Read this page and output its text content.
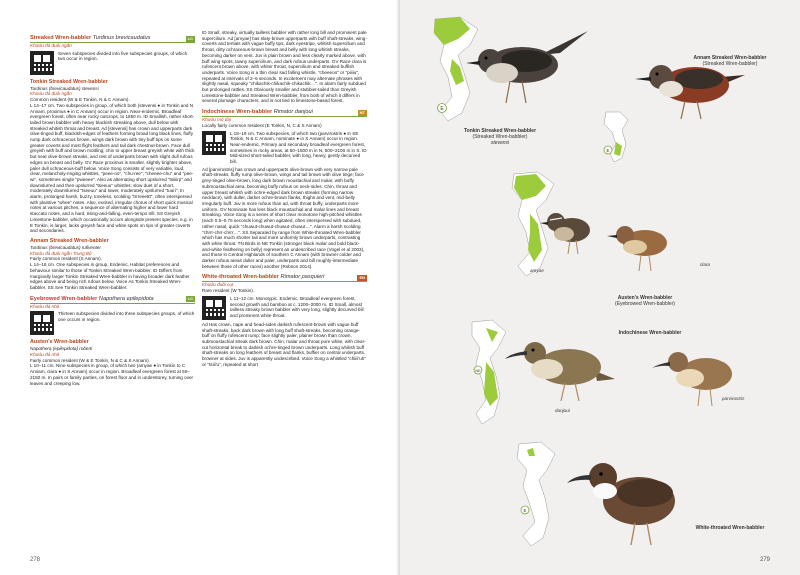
Streaked Wren-babbler Turdinus brevicaudatus	LC
Khướu đá đuôi ngắn
Seven subspecies divided into five subspecies groups, of which two occur in region.
Tonkin Streaked Wren-babbler
Turdinus (brevicaudatus) stevensi
Khướu đá đuôi ngắn
Common resident (W & E Tonkin, N & C Annam).
L 14–17 cm. Two subspecies in group, of which both (stevensi ● in Tonkin and N Annam, proximus ● in C Annam) occur in region. Near-endemic. Broadleaf evergreen forest, often near rocky outcrops, to 1850 m. ID Smallish, rather short-tailed brown babbler with heavy blackish streaking above, dull below with streaked whitish throat and breast. Ad [stevensi] has crown and upperparts dark olive-tinged buff, blackish-edges of feathers forming broad long black lines, fluffy rump dark ochraceous brown, wings dark brown with tiny buff tips on some greater coverts and most flight feathers and tail dark chestnut-brown. Face dull greyish with buff and brown mottling; chin to upper breast greyish white with thick but neat olive-brown streaks, and rest of underparts brown with slight dull rufous edges on breast and belly. GV Race proximus is smaller, slightly brighter above, paler dull ochraceous-buff below. Voice Song consists of very variable, loud, clear, melancholy-ringing whistles, "peee-oo", "chu-ree", "cheeee-chu" and "pee-wi", sometimes single "pweeee". Also as alternating short upslurred "tsiiiirp" and downslurred and then upslurred "tseeuu" whistles; slow duet of a short, moderately downslurred "tseeuu" and lower, moderately upslurred "tuuri". In alarm, prolonged harsh, buzzy, toneless, scolding "trrreeettt", often interspersed with plaintive "whee" notes. Also, excited, irregular chorus of short quick musical notes at various pitches, a sequence of alternating higher and lower hard staccato notes, and a hard, rising-and-falling, even-tempo trill. SS Greyish Limestone-babbler, which occasionally occurs alongside present species, e.g. in E Tonkin, is larger, lacks greyish face and white spots on tips of greater coverts and secondaries.
Annam Streaked Wren-babbler
Turdinus (brevicaudatus) rufiventer
Khướu đá đuôi ngắn Trung Bộ
Fairly common resident (S Annam).
L 14–16 cm. One subspecies in group. Endemic. Habitat preferences and behaviour similar to those of Tonkin Streaked Wren-babbler. ID Differs from marginally larger Tonkin Streaked Wren-babbler in having broader dark feather edges above and being rich rufous below. Voice As Tonkin Streaked Wren-babbler. SS See Tonkin Streaked Wren-babbler.
Eyebrowed Wren-babbler Napothera epilepidota	LC
Khướu đá nhỏ
Thirteen subspecies divided into three subspecies groups, of which one occurs in region.
Austen's Wren-babbler
Napothera (epilepidota) roberti
Khướu đá nhỏ
Fairly common resident (W & E Tonkin, N & C & S Annam).
L 10–11 cm. Nine subspecies in group, of which two (amyae ● in Tonkin to C Annam, clara ● in S Annam) occur in region. Broadleaf evergreen forest at 50–2150 m. In pairs or family parties, on forest floor and in understorey, turning over leaves and creeping low.
ID Small, streaky, virtually tailless babbler with rather long bill and prominent pale supercilium. Ad [amyae] has slaty-brown upperparts with buff shaft-streaks, wing-coverts and tertials with vague buffy tips, dark eyestripe, whitish supercilium and throat, dirty ochraceous-brown breast and belly with long whitish streaks, becoming darker on vent. Juv is plain brown and less clearly marked above, with buff wing spots, tawny supercilium, and dark rufous underparts. GV Race clara is rufescent brown above, with whiter throat, supercilium and streaked buffish underparts. Voice Song is a thin clear sad falling whistle, "cheeeoo" or "piiiiu", repeated at intervals of 2–5 seconds. In excitement may alternate phrases with slightly nasal, squeaky "chikachik-chikachik-chikachik…". In alarm fairly subdued but prolonged rattles. SS Obviously smaller and stubbier-tailed than Greyish Limestone-babbler and Streaked Wren-babbler, from both of which it differs in several plumage characters, and is not tied to limestone-based forest.
Indochinese Wren-babbler Rimator danjoui	NT
Khướu mỏ dài
Locally fairly common resident (E Tonkin, N, C & S Annam)
L 18–19 cm. Two subspecies, of which two (parvirostris ● in SE Tonkin, N & C Annam, nominate ● in S Annam) occur in region. Near-endemic. Primary and secondary broadleaf evergreen forest, sometimes in rocky areas, at 50–1500 m in N, 500–2100 m in S. ID Mid-sized short-tailed babbler, with long, heavy, gently decurved bill.
Ad [parvirostris] has crown and upperparts olive-brown with very narrow pale shaft-streaks, fluffy rump olive-brown, wings and tail brown with olive tinge; face grey-tinged olive-brown, long dark brown moustachial and malar, with buffy submoustachial area, becoming buffy rufous on neck-sides. Chin, throat and upper breast whitish with ochre-edged dark brown streaks (forming narrow necklace), with duller, darker ochre-brown flanks, thighs and vent, mid-belly irregularly buff. Juv is more rufous than ad, with throat buffy, underparts more uniform. GV Nominate has less black moustachial and malar lines and breast streaking. Voice Song is a series of short clear monotone high-pitched whistles (each 0.5–0.75 seconds long) when agitated, often interspersed with subdued, rather nasal, quick "chuwut-chuwut-chuwut-chuwut…". Alarm a harsh scolding "chrrr-chrr-chrrr…". SS Separated by range from White-throated Wren-babbler which has much shorter tail and more uniformly brown underparts, contrasting with white throat. TN Birds in NE Tonkin (stronger black malar and bold black-and-white feathering on belly) represent an undescribed race (Vogel et al 2003), and those in Central Highlands of southern C Annam (with browner colder and darker rufous areas duller and paler, underparts and bill roughly-intermediate between those of other races) another (Robson 2014).
White-throated Wren-babbler Rimator pasquieri	EN
Khướu đuôi cụt
Rare resident (W Tonkin).
L 11–12 cm. Monotypic. Endemic. Broadleaf evergreen forest, second growth and bamboo at c. 1200–2000 m. ID Small, almost tailless streaky brown babbler with very long, slightly decurved bill and prominent white throat.
Ad Has crown, nape and head-sides darkish rufescent-brown with vague buff shaft-streaks, back dark brown with long buff shaft-streaks, becoming orange-buff on fluffy rufescent rump; face slightly paler, plainer brown than crown, submoustachial streak dark brown. Chin, malar and throat pure white, with clear-cut horizontal break to darkish ochre-tinged brown underparts. Long whitish buff shaft-streaks on long feathers of breast and flanks, buffier on central underparts, browner at sides. Juv is apparently undescribed. Voice Song a whistled "chiiii'uh" or "tsiii'u", repeated at short
278
E
Tonkin Streaked Wren-babbler
(Streaked Wren-babbler)
stevensi
Annam Streaked Wren-babbler
(Streaked Wren-babbler)
E
amyae
clara
Austen's Wren-babbler
(Eyebrowed Wren-babbler)
NE
danjoui
Indochinese Wren-babbler
parvirostris
E
White-throated Wren-babbler
279
